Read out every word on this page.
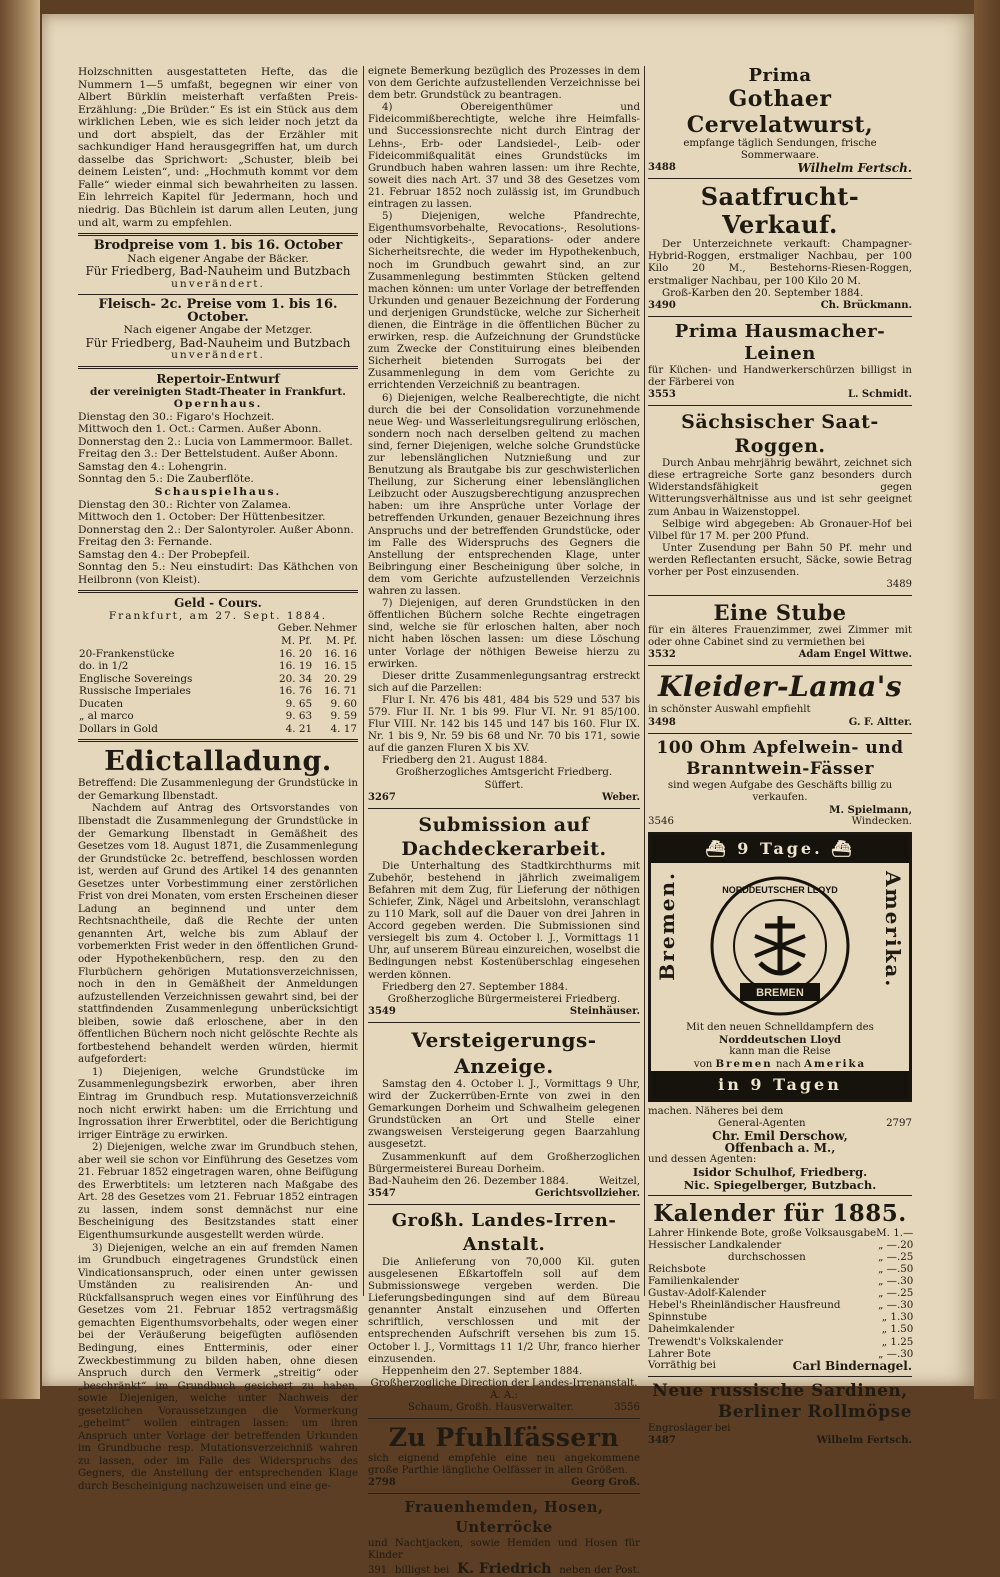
Holzschnitten ausgestatteten Hefte, das die Nummern 1—5 umfaßt, begegnen wir einer von Albert Bürklin meisterhaft verfaßten Preis-Erzählung: „Die Brüder.“ Es ist ein Stück aus dem wirklichen Leben, wie es sich leider noch jetzt da und dort abspielt, das der Erzähler mit sachkundiger Hand herausgegriffen hat, um durch dasselbe das Sprichwort: „Schuster, bleib bei deinem Leisten“, und: „Hochmuth kommt vor dem Falle“ wieder einmal sich bewahrheiten zu lassen. Ein lehrreich Kapitel für Jedermann, hoch und niedrig. Das Büchlein ist darum allen Leuten, jung und alt, warm zu empfehlen.

Brodpreise vom 1. bis 16. October

Nach eigener Angabe der Bäcker.

Für Friedberg, Bad-Nauheim und Butzbach

unverändert.

Fleisch- 2c. Preise vom 1. bis 16. October.

Nach eigener Angabe der Metzger.

Für Friedberg, Bad-Nauheim und Butzbach

unverändert.

Repertoir-Entwurf

der vereinigten Stadt-Theater in Frankfurt.

Opernhaus.

Dienstag den 30.: Figaro's Hochzeit.

Mittwoch den 1. Oct.: Carmen. Außer Abonn.

Donnerstag den 2.: Lucia von Lammermoor. Ballet.

Freitag den 3.: Der Bettelstudent. Außer Abonn.

Samstag den 4.: Lohengrin.

Sonntag den 5.: Die Zauberflöte.

Schauspielhaus.

Dienstag den 30.: Richter von Zalamea.

Mittwoch den 1. October: Der Hüttenbesitzer.

Donnerstag den 2.: Der Salontyroler. Außer Abonn.

Freitag den 3: Fernande.

Samstag den 4.: Der Probepfeil.

Sonntag den 5.: Neu einstudirt: Das Käthchen von Heilbronn (von Kleist).

Geld - Cours.

Frankfurt, am 27. Sept. 1884.

	Geber.	Nehmer
	M. Pf.	M. Pf.
20-Frankenstücke	16. 20	16. 16
do. in 1/2	16. 19	16. 15
Englische Sovereings	20. 34	20. 29
Russische Imperiales	16. 76	16. 71
Ducaten	9. 65	9. 60
„ al marco	9. 63	9. 59
Dollars in Gold	4. 21	4. 17

Edictalladung.

Betreffend: Die Zusammenlegung der Grundstücke in der Gemarkung Ilbenstadt.

Nachdem auf Antrag des Ortsvorstandes von Ilbenstadt die Zusammenlegung der Grundstücke in der Gemarkung Ilbenstadt in Gemäßheit des Gesetzes vom 18. August 1871, die Zusammenlegung der Grundstücke 2c. betreffend, beschlossen worden ist, werden auf Grund des Artikel 14 des genannten Gesetzes unter Vorbestimmung einer zerstörlichen Frist von drei Monaten, vom ersten Erscheinen dieser Ladung an beginnend und unter dem Rechtsnachtheile, daß die Rechte der unten genannten Art, welche bis zum Ablauf der vorbemerkten Frist weder in den öffentlichen Grund- oder Hypothekenbüchern, resp. den zu den Flurbüchern gehörigen Mutationsverzeichnissen, noch in den in Gemäßheit der Anmeldungen aufzustellenden Verzeichnissen gewahrt sind, bei der stattfindenden Zusammenlegung unberücksichtigt bleiben, sowie daß erloschene, aber in den öffentlichen Büchern noch nicht gelöschte Rechte als fortbestehend behandelt werden würden, hiermit aufgefordert:

1) Diejenigen, welche Grundstücke im Zusammenlegungsbezirk erworben, aber ihren Eintrag im Grundbuch resp. Mutationsverzeichniß noch nicht erwirkt haben: um die Errichtung und Ingrossation ihrer Erwerbtitel, oder die Berichtigung irriger Einträge zu erwirken.

2) Diejenigen, welche zwar im Grundbuch stehen, aber weil sie schon vor Einführung des Gesetzes vom 21. Februar 1852 eingetragen waren, ohne Beifügung des Erwerbtitels: um letzteren nach Maßgabe des Art. 28 des Gesetzes vom 21. Februar 1852 eintragen zu lassen, indem sonst demnächst nur eine Bescheinigung des Besitzstandes statt einer Eigenthumsurkunde ausgestellt werden würde.

3) Diejenigen, welche an ein auf fremden Namen im Grundbuch eingetragenes Grundstück einen Vindicationsanspruch, oder einen unter gewissen Umständen zu realisirenden An- und Rückfallsanspruch wegen eines vor Einführung des Gesetzes vom 21. Februar 1852 vertragsmäßig gemachten Eigenthumsvorbehalts, oder wegen einer bei der Veräußerung beigefügten auflösenden Bedingung, eines Entterminis, oder einer Zweckbestimmung zu bilden haben, ohne diesen Anspruch durch den Vermerk „streitig“ oder „beschränkt“ im Grundbuch gesichert zu haben, sowie Diejenigen, welche unter Nachweis der gesetzlichen Voraussetzungen die Vormerkung „geheimt“ wollen eintragen lassen: um ihren Anspruch unter Vorlage der betreffenden Urkunden im Grundbuche resp. Mutationsverzeichniß wahren zu lassen, oder im Falle des Widerspruchs des Gegners, die Anstellung der entsprechenden Klage durch Bescheinigung nachzuweisen und eine ge-

eignete Bemerkung bezüglich des Prozesses in dem von dem Gerichte aufzustellenden Verzeichnisse bei dem betr. Grundstück zu beantragen.

4) Obereigenthümer und Fideicommißberechtigte, welche ihre Heimfalls- und Successionsrechte nicht durch Eintrag der Lehns-, Erb- oder Landsiedel-, Leib- oder Fideicommißqualität eines Grundstücks im Grundbuch haben wahren lassen: um ihre Rechte, soweit dies nach Art. 37 und 38 des Gesetzes vom 21. Februar 1852 noch zulässig ist, im Grundbuch eintragen zu lassen.

5) Diejenigen, welche Pfandrechte, Eigenthumsvorbehalte, Revocations-, Resolutions- oder Nichtigkeits-, Separations- oder andere Sicherheitsrechte, die weder im Hypothekenbuch, noch im Grundbuch gewahrt sind, an zur Zusammenlegung bestimmten Stücken geltend machen können: um unter Vorlage der betreffenden Urkunden und genauer Bezeichnung der Forderung und derjenigen Grundstücke, welche zur Sicherheit dienen, die Einträge in die öffentlichen Bücher zu erwirken, resp. die Aufzeichnung der Grundstücke zum Zwecke der Constituirung eines bleibenden Sicherheit bietenden Surrogats bei der Zusammenlegung in dem vom Gerichte zu errichtenden Verzeichniß zu beantragen.

6) Diejenigen, welche Realberechtigte, die nicht durch die bei der Consolidation vorzunehmende neue Weg- und Wasserleitungsregulirung erlöschen, sondern noch nach derselben geltend zu machen sind, ferner Diejenigen, welche solche Grundstücke zur lebenslänglichen Nutznießung und zur Benutzung als Brautgabe bis zur geschwisterlichen Theilung, zur Sicherung einer lebenslänglichen Leibzucht oder Auszugsberechtigung anzusprechen haben: um ihre Ansprüche unter Vorlage der betreffenden Urkunden, genauer Bezeichnung ihres Anspruchs und der betreffenden Grundstücke, oder im Falle des Widerspruchs des Gegners die Anstellung der entsprechenden Klage, unter Beibringung einer Bescheinigung über solche, in dem vom Gerichte aufzustellenden Verzeichnis wahren zu lassen.

7) Diejenigen, auf deren Grundstücken in den öffentlichen Büchern solche Rechte eingetragen sind, welche sie für erloschen halten, aber noch nicht haben löschen lassen: um diese Löschung unter Vorlage der nöthigen Beweise hierzu zu erwirken.

Dieser dritte Zusammenlegungsantrag erstreckt sich auf die Parzellen:

Flur I. Nr. 476 bis 481, 484 bis 529 und 537 bis 579. Flur II. Nr. 1 bis 99. Flur VI. Nr. 91 85/100. Flur VIII. Nr. 142 bis 145 und 147 bis 160. Flur IX. Nr. 1 bis 9, Nr. 59 bis 68 und Nr. 70 bis 171, sowie auf die ganzen Fluren X bis XV.

Friedberg den 21. August 1884.

Großherzogliches Amtsgericht Friedberg.

Süffert.

3267	Weber.

Submission auf Dachdeckerarbeit.

Die Unterhaltung des Stadtkirchthurms mit Zubehör, bestehend in jährlich zweimaligem Befahren mit dem Zug, für Lieferung der nöthigen Schiefer, Zink, Nägel und Arbeitslohn, veranschlagt zu 110 Mark, soll auf die Dauer von drei Jahren in Accord gegeben werden. Die Submissionen sind versiegelt bis zum 4. October l. J., Vormittags 11 Uhr, auf unserem Büreau einzureichen, woselbst die Bedingungen nebst Kostenüberschlag eingesehen werden können.

Friedberg den 27. September 1884.

Großherzogliche Bürgermeisterei Friedberg.

3549	Steinhäuser.

Versteigerungs-Anzeige.

Samstag den 4. October l. J., Vormittags 9 Uhr, wird der Zuckerrüben-Ernte von zwei in den Gemarkungen Dorheim und Schwalheim gelegenen Grundstücken an Ort und Stelle einer zwangsweisen Versteigerung gegen Baarzahlung ausgesetzt.

Zusammenkunft auf dem Großherzoglichen Bürgermeisterei Bureau Dorheim.

Bad-Nauheim den 26. Dezember 1884.	Weitzel,
3547	Gerichtsvollzieher.

Großh. Landes-Irren-Anstalt.

Die Anlieferung von 70,000 Kil. guten ausgelesenen Eßkartoffeln soll auf dem Submissionswege vergeben werden. Die Lieferungsbedingungen sind auf dem Büreau genannter Anstalt einzusehen und Offerten schriftlich, verschlossen und mit der entsprechenden Aufschrift versehen bis zum 15. October l. J., Vormittags 11 1/2 Uhr, franco hierher einzusenden.

Heppenheim den 27. September 1884.

Großherzogliche Direction der Landes-Irrenanstalt.

A. A.:

Schaum, Großh. Hausverwalter.	3556

Zu Pfuhlfässern

sich eignend empfehle eine neu angekommene große Parthie längliche Oelfässer in allen Größen.

2798	Georg Groß.

Frauenhemden, Hosen, Unterröcke

und Nachtjacken, sowie Hemden und Hosen für Kinder

391 billigst bei K. Friedrich neben der Post.

Prima

Gothaer Cervelatwurst,

empfange täglich Sendungen, frische Sommerwaare.

3488	Wilhelm Fertsch.

Saatfrucht-Verkauf.

Der Unterzeichnete verkauft: Champagner-Hybrid-Roggen, erstmaliger Nachbau, per 100 Kilo 20 M., Bestehorns-Riesen-Roggen, erstmaliger Nachbau, per 100 Kilo 20 M.

Groß-Karben den 20. September 1884.

3490	Ch. Brückmann.

Prima Hausmacher-Leinen

für Küchen- und Handwerkerschürzen billigst in der Färberei von

3553	L. Schmidt.

Sächsischer Saat-Roggen.

Durch Anbau mehrjährig bewährt, zeichnet sich diese ertragreiche Sorte ganz besonders durch Widerstandsfähigkeit gegen Witterungsverhältnisse aus und ist sehr geeignet zum Anbau in Waizenstoppel.

Selbige wird abgegeben: Ab Gronauer-Hof bei Vilbel für 17 M. per 200 Pfund.

Unter Zusendung per Bahn 50 Pf. mehr und werden Reflectanten ersucht, Säcke, sowie Betrag vorher per Post einzusenden.

3489

Eine Stube

für ein älteres Frauenzimmer, zwei Zimmer mit oder ohne Cabinet sind zu vermiethen bei

3532	Adam Engel Wittwe.

Kleider-Lama's

in schönster Auswahl empfiehlt

3498	G. F. Altter.

100 Ohm Apfelwein- und

Branntwein-Fässer

sind wegen Aufgabe des Geschäfts billig zu verkaufen.

M. Spielmann,

3546	Windecken.
⛴ 9 Tage. ⛴
Bremen.	Amerika.
BREMEN
NORDDEUTSCHER LLOYD

Mit den neuen Schnelldampfern des

Norddeutschen Lloyd

kann man die Reise

von Bremen nach Amerika

in 9 Tagen
machen. Näheres bei dem
General-Agenten	2797

Chr. Emil Derschow,

Offenbach a. M.,

und dessen Agenten:

Isidor Schulhof, Friedberg.

Nic. Spiegelberger, Butzbach.

Kalender für 1885.

Lahrer Hinkende Bote, große Volksausgabe	M. 1.—
Hessischer Landkalender	„ —.20
durchschossen	„ —.25
Reichsbote	„ —.50
Familienkalender	„ —.30
Gustav-Adolf-Kalender	„ —.25
Hebel's Rheinländischer Hausfreund	„ —.30
Spinnstube	„ 1.30
Daheimkalender	„ 1.50
Trewendt's Volkskalender	„ 1.25
Lahrer Bote	„ —.30
Vorräthig bei	Carl Bindernagel.

Neue russische Sardinen,

Berliner Rollmöpse

Engroslager bei

3487	Wilhelm Fertsch.
